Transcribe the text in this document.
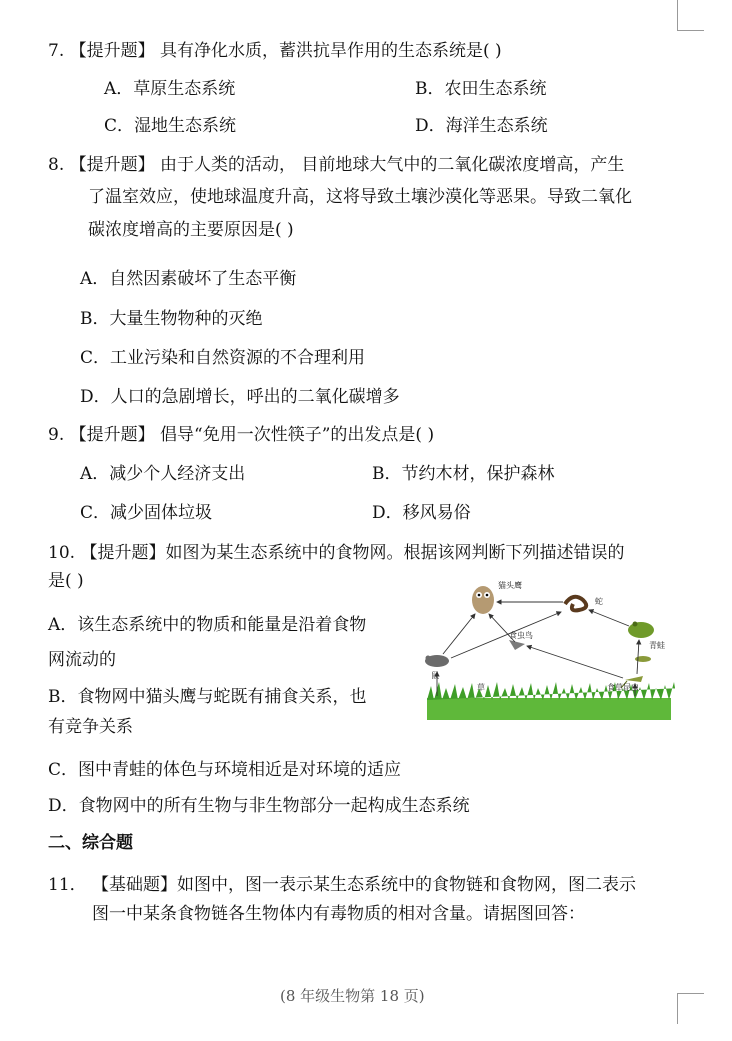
7. 【提升题】 具有净化水质，蓄洪抗旱作用的生态系统是( )
A．草原生态系统	B．农田生态系统
C．湿地生态系统	D．海洋生态系统
8. 【提升题】 由于人类的活动， 目前地球大气中的二氧化碳浓度增高，产生
了温室效应，使地球温度升高，这将导致土壤沙漠化等恶果。导致二氧化
碳浓度增高的主要原因是( )
A．自然因素破坏了生态平衡
B．大量生物物种的灭绝
C．工业污染和自然资源的不合理利用
D．人口的急剧增长，呼出的二氧化碳增多
9. 【提升题】 倡导“免用一次性筷子”的出发点是( )
A．减少个人经济支出	B．节约木材，保护森林
C．减少固体垃圾	D．移风易俗
10. 【提升题】如图为某生态系统中的食物网。根据该网判断下列描述错误的
是( )
A．该生态系统中的物质和能量是沿着食物
网流动的
B．食物网中猫头鹰与蛇既有捕食关系，也
有竞争关系
C．图中青蛙的体色与环境相近是对环境的适应
D．食物网中的所有生物与非生物部分一起构成生态系统
猫头鹰
蛇
食虫鸟
青蛙
鼠
食草昆虫
草
二、综合题
11． 【基础题】如图中，图一表示某生态系统中的食物链和食物网，图二表示
图一中某条食物链各生物体内有毒物质的相对含量。请据图回答：
(8 年级生物第 18 页)
